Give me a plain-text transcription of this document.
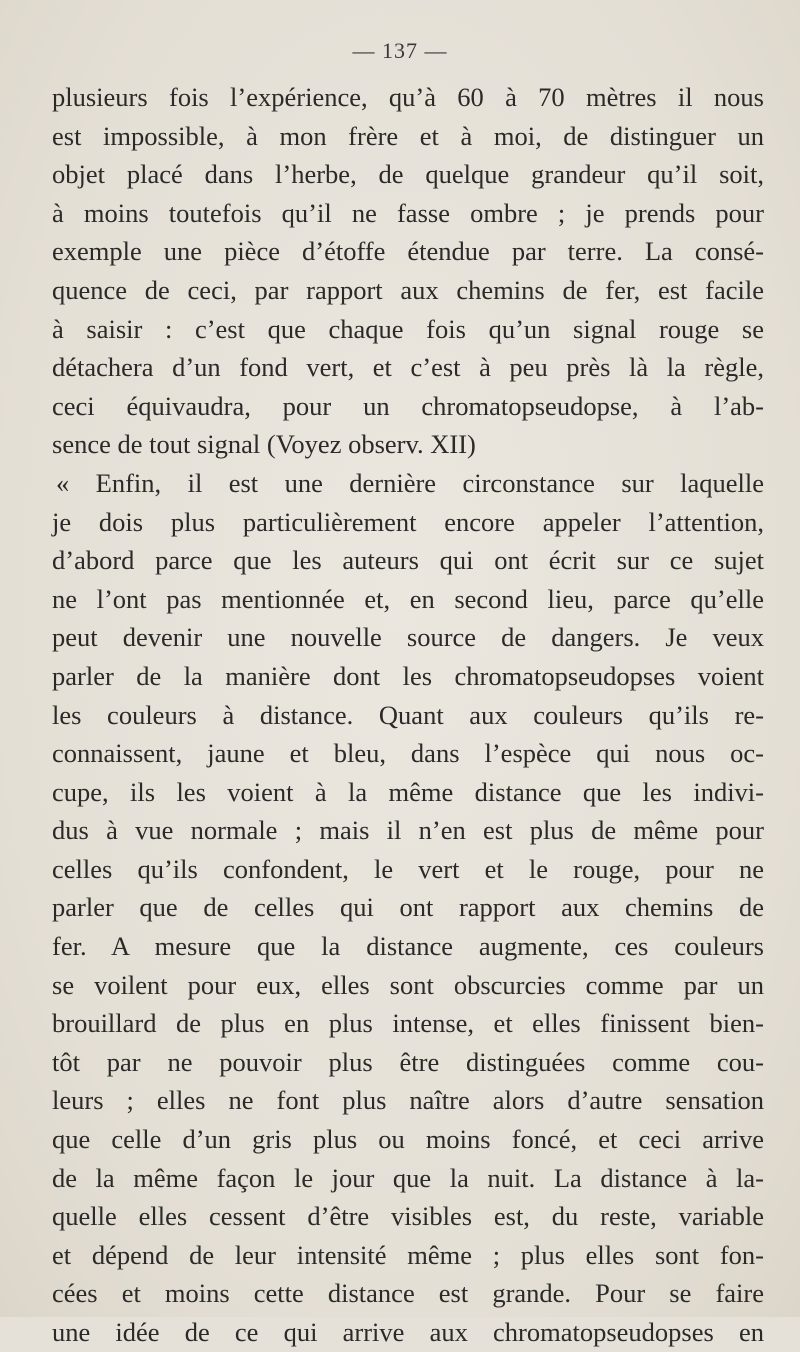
— 137 —
plusieurs fois l’expérience, qu’à 60 à 70 mètres il nous
est impossible, à mon frère et à moi, de distinguer un
objet placé dans l’herbe, de quelque grandeur qu’il soit,
à moins toutefois qu’il ne fasse ombre ; je prends pour
exemple une pièce d’étoffe étendue par terre. La consé-
quence de ceci, par rapport aux chemins de fer, est facile
à saisir : c’est que chaque fois qu’un signal rouge se
détachera d’un fond vert, et c’est à peu près là la règle,
ceci équivaudra, pour un chromatopseudopse, à l’ab-
sence de tout signal (Voyez observ. XII)
« Enfin, il est une dernière circonstance sur laquelle
je dois plus particulièrement encore appeler l’attention,
d’abord parce que les auteurs qui ont écrit sur ce sujet
ne l’ont pas mentionnée et, en second lieu, parce qu’elle
peut devenir une nouvelle source de dangers. Je veux
parler de la manière dont les chromatopseudopses voient
les couleurs à distance. Quant aux couleurs qu’ils re-
connaissent, jaune et bleu, dans l’espèce qui nous oc-
cupe, ils les voient à la même distance que les indivi-
dus à vue normale ; mais il n’en est plus de même pour
celles qu’ils confondent, le vert et le rouge, pour ne
parler que de celles qui ont rapport aux chemins de
fer. A mesure que la distance augmente, ces couleurs
se voilent pour eux, elles sont obscurcies comme par un
brouillard de plus en plus intense, et elles finissent bien-
tôt par ne pouvoir plus être distinguées comme cou-
leurs ; elles ne font plus naître alors d’autre sensation
que celle d’un gris plus ou moins foncé, et ceci arrive
de la même façon le jour que la nuit. La distance à la-
quelle elles cessent d’être visibles est, du reste, variable
et dépend de leur intensité même ; plus elles sont fon-
cées et moins cette distance est grande. Pour se faire
une idée de ce qui arrive aux chromatopseudopses en
